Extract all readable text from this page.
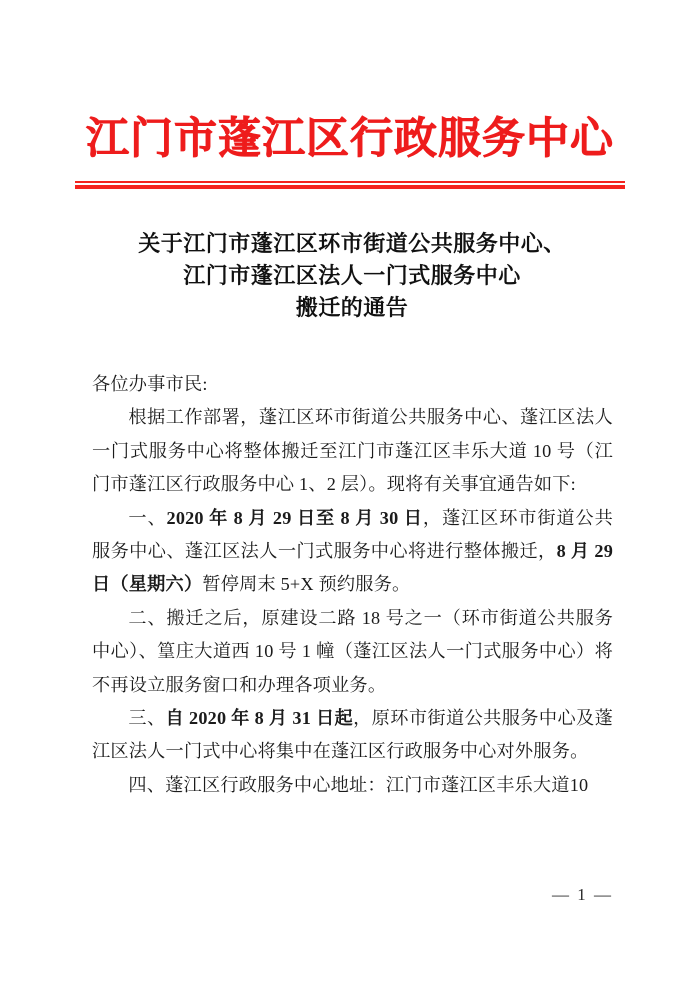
江门市蓬江区行政服务中心
关于江门市蓬江区环市街道公共服务中心、
江门市蓬江区法人一门式服务中心
搬迁的通告

各位办事市民:

根据工作部署，蓬江区环市街道公共服务中心、蓬江区法人一门式服务中心将整体搬迁至江门市蓬江区丰乐大道 10 号（江门市蓬江区行政服务中心 1、2 层）。现将有关事宜通告如下:

一、2020 年 8 月 29 日至 8 月 30 日，蓬江区环市街道公共服务中心、蓬江区法人一门式服务中心将进行整体搬迁，8 月 29 日（星期六）暂停周末 5+X 预约服务。

二、搬迁之后，原建设二路 18 号之一（环市街道公共服务中心）、篁庄大道西 10 号 1 幢（蓬江区法人一门式服务中心）将不再设立服务窗口和办理各项业务。

三、自 2020 年 8 月 31 日起，原环市街道公共服务中心及蓬江区法人一门式中心将集中在蓬江区行政服务中心对外服务。

四、蓬江区行政服务中心地址：江门市蓬江区丰乐大道10

— 1 —
